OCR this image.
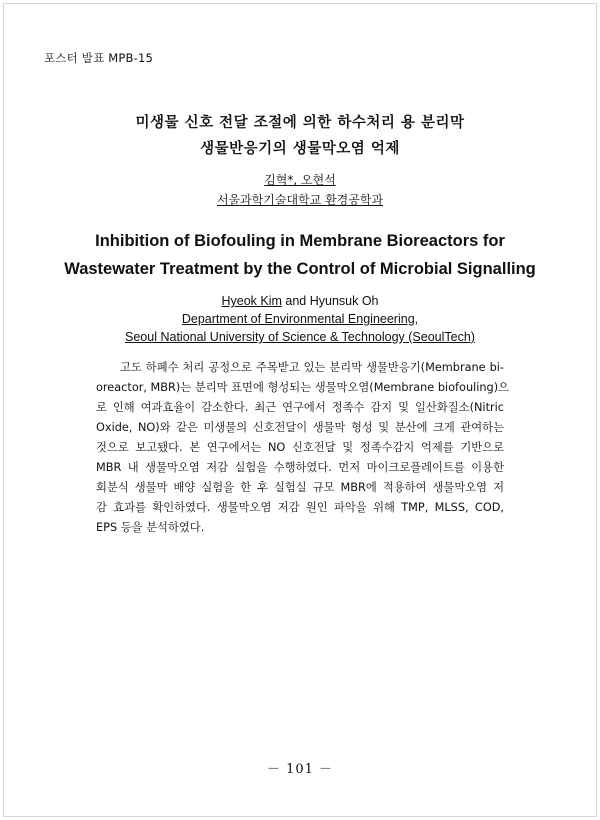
포스터 발표 MPB-15
미생물 신호 전달 조절에 의한 하수처리 용 분리막
생물반응기의 생물막오염 억제
김혁*, 오현석
서울과학기술대학교 환경공학과
Inhibition of Biofouling in Membrane Bioreactors for
Wastewater Treatment by the Control of Microbial Signalling
Hyeok Kim and Hyunsuk Oh
Department of Environmental Engineering,
Seoul National University of Science & Technology (SeoulTech)
고도 하폐수 처리 공정으로 주목받고 있는 분리막 생물반응기(Membrane bi-
oreactor, MBR)는 분리막 표면에 형성되는 생물막오염(Membrane biofouling)으
로 인해 여과효율이 감소한다. 최근 연구에서 정족수 감지 및 일산화질소(Nitric
Oxide, NO)와 같은 미생물의 신호전달이 생물막 형성 및 분산에 크게 관여하는
것으로 보고됐다. 본 연구에서는 NO 신호전달 및 정족수감지 억제를 기반으로
MBR 내 생물막오염 저감 실험을 수행하였다. 먼저 마이크로플레이트를 이용한
회분식 생물막 배양 실험을 한 후 실험실 규모 MBR에 적용하여 생물막오염 저
감 효과를 확인하였다. 생물막오염 저감 원인 파악을 위해 TMP, MLSS, COD,
EPS 등을 분석하였다.
－ 101 －
